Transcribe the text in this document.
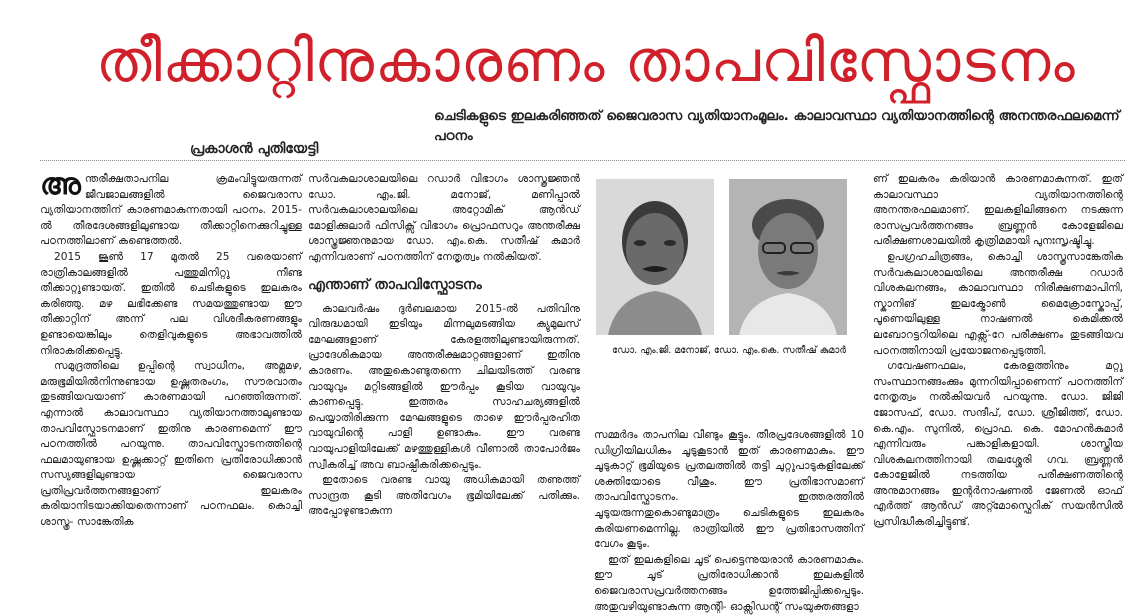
തീക്കാറ്റിനുകാരണം താപവിസ്ഫോടനം
ചെടികളുടെ ഇലകരിഞ്ഞത് ജൈവരാസ വ്യതിയാനംമൂലം. കാലാവസ്ഥാ വ്യതിയാനത്തിന്റെ അനന്തരഫലമെന്ന് പഠനം
പ്രകാശന്‍ പുതിയേട്ടി

അന്തരീക്ഷതാപനില ക്രമംവിട്ടുയരുന്നത് ജീവജാലങ്ങളില്‍ ജൈവരാസ വ്യതിയാനത്തിന് കാരണമാകുന്നതായി പഠനം. 2015-ല്‍ തീരദേശങ്ങളിലുണ്ടായ തീക്കാറ്റിനെക്കുറിച്ചുള്ള പഠനത്തിലാണ് കണ്ടെത്തല്‍.

2015 ജൂണ്‍ 17 മുതല്‍ 25 വരെയാണ് രാത്രികാലങ്ങളില്‍ പത്തുമിനിറ്റു നീണ്ട തീക്കാറ്റുണ്ടായത്. ഇതില്‍ ചെടികളുടെ ഇലകരം കരിഞ്ഞു. മഴ ലഭിക്കേണ്ട സമയത്തുണ്ടായ ഈ തീക്കാറ്റിന് അന്ന് പല വിശദീകരണങ്ങളും ഉണ്ടായെങ്കിലും തെളിവുകളുടെ അഭാവത്തില്‍ നിരാകരിക്കപ്പെട്ടു.

സമുദ്രത്തിലെ ഉപ്പിന്റെ സ്വാധീനം, അമ്ലമഴ, മരുഭൂമിയില്‍നിന്നുണ്ടായ ഉഷ്ണതരംഗം, സൗരവാതം തുടങ്ങിയവയാണ് കാരണമായി പറഞ്ഞിരുന്നത്. എന്നാല്‍ കാലാവസ്ഥാ വ്യതിയാനത്താലുണ്ടായ താപവിസ്ഫോടനമാണ് ഇതിനു കാരണമെന്ന് ഈ പഠനത്തില്‍ പറയുന്നു. താപവിസ്ഫോടനത്തിന്റെ ഫലമായുണ്ടായ ഉഷ്ണക്കാറ്റ് ഇതിനെ പ്രതിരോധിക്കാന്‍ സസ്യങ്ങളിലുണ്ടായ ജൈവരാസ പ്രതിപ്രവര്‍ത്തനങ്ങളാണ് ഇലകരം കരിയാനിടയാക്കിയതെന്നാണ് പഠനഫലം. കൊച്ചി ശാസ്ത്ര- സാങ്കേതിക

സര്‍വകലാശാലയിലെ റഡാര്‍ വിഭാഗം ശാസ്ത്രജ്ഞന്‍ ഡോ. എം.ജി. മനോജ്, മണിപ്പാല്‍ സര്‍വകലാശാലയിലെ അറ്റോമിക് ആന്‍ഡ് മോളിക്കുലാര്‍ ഫിസിക്സ് വിഭാഗം പ്രൊഫസറും അന്തരീക്ഷ ശാസ്ത്രജ്ഞനുമായ ഡോ. എം.കെ. സതീഷ് കുമാര്‍ എന്നിവരാണ് പഠനത്തിന് നേതൃത്വം നല്‍കിയത്.

എന്താണ് താപവിസ്ഫോടനം

കാലവര്‍ഷം ദുര്‍ബലമായ 2015-ല്‍ പതിവിനു വിരുദ്ധമായി ഇടിയും മിന്നലുമടങ്ങിയ ക്യുമുലസ് മേഘങ്ങളാണ് കേരളത്തിലുണ്ടായിരുന്നത്. പ്രാദേശികമായ അന്തരീക്ഷമാറ്റങ്ങളാണ് ഇതിനു കാരണം. അതുകൊണ്ടുതന്നെ ചിലയിടത്ത് വരണ്ട വായുവും മറ്റിടങ്ങളില്‍ ഈര്‍പ്പം കൂടിയ വായുവും കാണപ്പെട്ടു. ഇത്തരം സാഹചര്യങ്ങളില്‍ പെയ്യാതിരിക്കുന്ന മേഘങ്ങളുടെ താഴെ ഈര്‍പ്പരഹിത വായുവിന്റെ പാളി ഉണ്ടാകും. ഈ വരണ്ട വായുപാളിയിലേക്ക് മഴത്തുള്ളികള്‍ വീണാല്‍ താപോര്‍ജം സ്വീകരിച്ച് അവ ബാഷ്പീകരിക്കപ്പെടും.

ഇതോടെ വരണ്ട വായു അധികമായി തണുത്ത് സാന്ദ്രത കൂടി അതിവേഗം ഭൂമിയിലേക്ക് പതിക്കും. അപ്പോഴുണ്ടാകുന്ന

ഡോ. എം.ജി. മനോജ്, ഡോ. എം.കെ. സതീഷ് കുമാര്‍

സമ്മര്‍ദം താപനില വീണ്ടും കൂട്ടും. തീരപ്രദേശങ്ങളില്‍ 10 ഡിഗ്രിയിലധികം ചൂടുകൂടാന്‍ ഇത് കാരണമാകും. ഈ ചൂടുകാറ്റ് ഭൂമിയുടെ പ്രതലത്തില്‍ തട്ടി ചുറ്റുപാടുകളിലേക്ക് ശക്തിയോടെ വീശും. ഈ പ്രതിഭാസമാണ് താപവിസ്ഫോടനം. ഇത്തരത്തില്‍ ചൂടുയരുന്നതുകൊണ്ടുമാത്രം ചെടികളുടെ ഇലകരം കരിയണമെന്നില്ല. രാത്രിയില്‍ ഈ പ്രതിഭാസത്തിന് വേഗം കൂടും.

ഇത് ഇലകളിലെ ചൂട് പെട്ടെന്നുയരാന്‍ കാരണമാകും. ഈ ചൂട് പ്രതിരോധിക്കാന്‍ ഇലകളില്‍ ജൈവരാസപ്രവര്‍ത്തനങ്ങം ഉത്തേജിപ്പിക്കപ്പെടും. അതുവഴിയുണ്ടാകുന്ന ആന്റി- ഓക്സിഡന്റ് സംയുക്തങ്ങളാ

ണ് ഇലകരം കരിയാന്‍ കാരണമാകുന്നത്. ഇത് കാലാവസ്ഥാ വ്യതിയാനത്തിന്റെ അനന്തരഫലമാണ്. ഇലകളിലിങ്ങനെ നടക്കുന്ന രാസപ്രവര്‍ത്തനങ്ങം ബ്രണ്ണന്‍ കോളേജിലെ പരീക്ഷണശാലയില്‍ കൃത്രിമമായി പുനഃസൃഷ്ടിച്ചു.

ഉപഗ്രഹചിത്രങ്ങം, കൊച്ചി ശാസ്ത്രസാങ്കേതിക സര്‍വകലാശാലയിലെ അന്തരീക്ഷ റഡാര്‍ വിശകലനങ്ങം, കാലാവസ്ഥാ നിരീക്ഷണമാപിനി, സ്കാനിങ് ഇലക്ട്രോണ്‍ മൈക്രോസ്കോപ്പ്, പൂണെയിലുള്ള നാഷണല്‍ കെമിക്കല്‍ ലബോറട്ടറിയിലെ എക്സ്-റേ പരീക്ഷണം തുടങ്ങിയവ പഠനത്തിനായി പ്രയോജനപ്പെടുത്തി.

ഗവേഷണഫലം, കേരളത്തിനും മറ്റു സംസ്ഥാനങ്ങംക്കും മുന്നറിയിപ്പാണെന്ന് പഠനത്തിന് നേതൃത്വം നല്‍കിയവര്‍ പറയുന്നു. ഡോ. ജിജി ജോസഫ്, ഡോ. സന്ദീപ്, ഡോ. ശ്രീജിത്ത്, ഡോ. കെ.എം. സുനില്‍, പ്രൊഫ. കെ. മോഹന്‍കുമാര്‍ എന്നിവരും പങ്കാളികളായി. ശാസ്ത്രീയ വിശകലനത്തിനായി തലശ്ശേരി ഗവ. ബ്രണ്ണന്‍ കോളേജില്‍ നടത്തിയ പരീക്ഷണത്തിന്റെ അനുമാനങ്ങം ഇന്റര്‍നാഷണല്‍ ജേണല്‍ ഓഫ് എര്‍ത്ത് ആന്‍ഡ് അറ്റ്മോസ്ഫെറിക് സയന്‍സില്‍ പ്രസിദ്ധീകരിച്ചിട്ടുണ്ട്.
